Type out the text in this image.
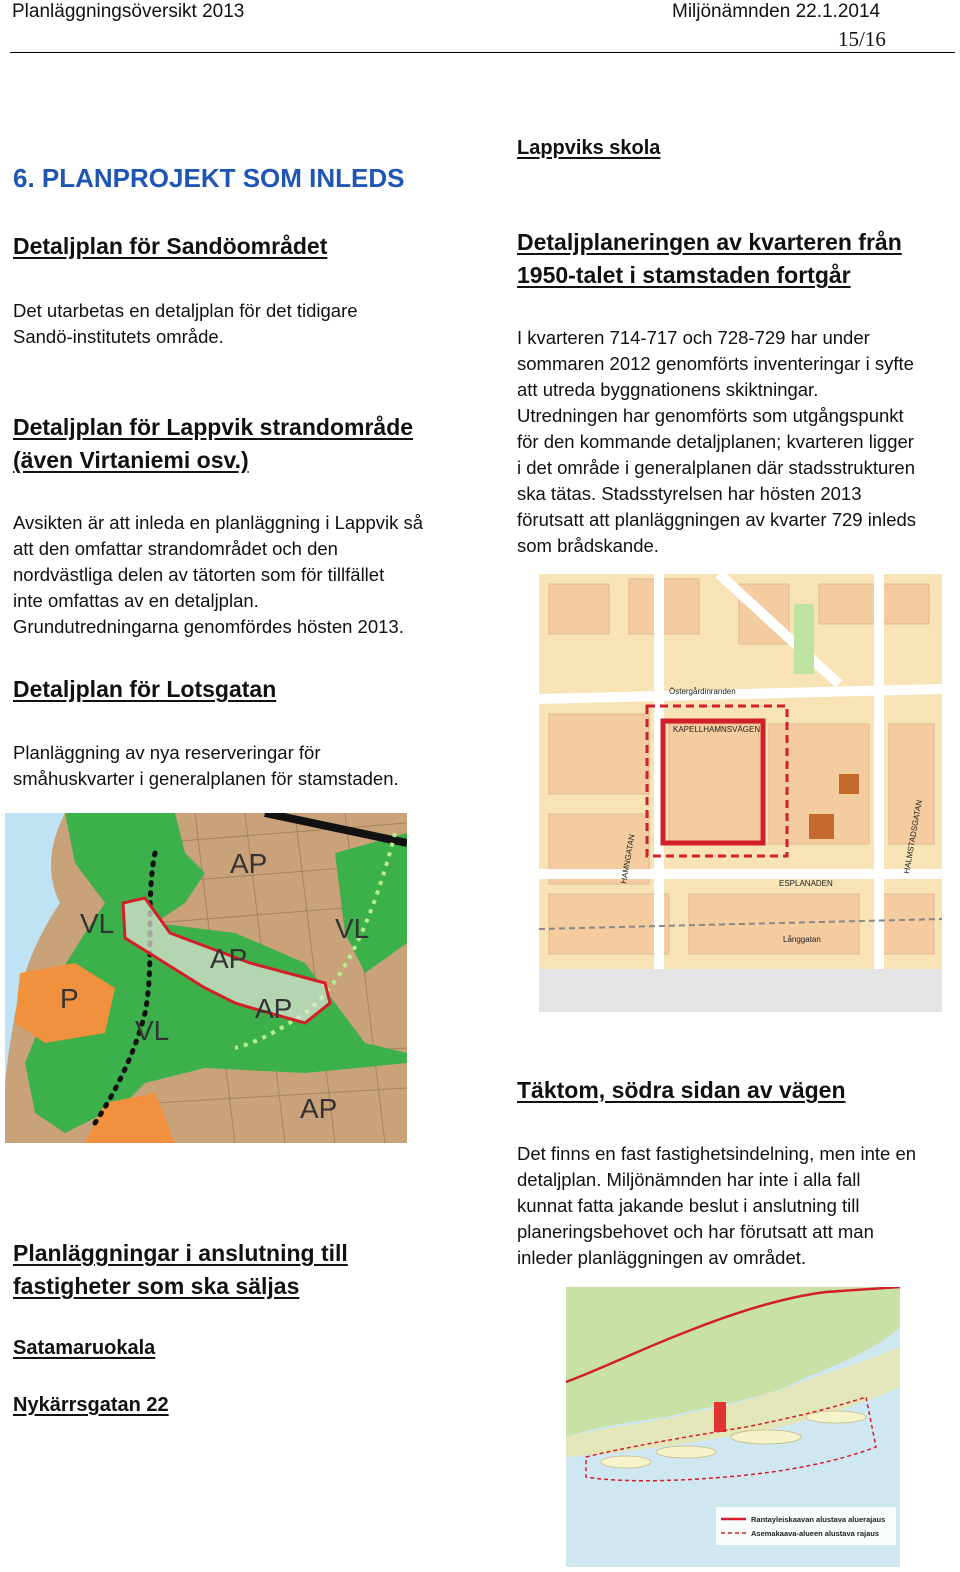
Planläggningsöversikt 2013	Miljönämnden 22.1.2014
15/16
6. PLANPROJEKT SOM INLEDS
Detaljplan för Sandöområdet
Det utarbetas en detaljplan för det tidigare
Sandö-institutets område.
Detaljplan för Lappvik strandområde
(även Virtaniemi osv.)
Avsikten är att inleda en planläggning i Lappvik så
att den omfattar strandområdet och den
nordvästliga delen av tätorten som för tillfället
inte omfattas av en detaljplan.
Grundutredningarna genomfördes hösten 2013.
Detaljplan för Lotsgatan
Planläggning av nya reserveringar för
småhuskvarter i generalplanen för stamstaden.
AP
VL	VL
AP
AP
P
VL
AP
Planläggningar i anslutning till
fastigheter som ska säljas
Satamaruokala
Nykärrsgatan 22
Lappviks skola
Detaljplaneringen av kvarteren från
1950-talet i stamstaden fortgår
I kvarteren 714-717 och 728-729 har under
sommaren 2012 genomförts inventeringar i syfte
att utreda byggnationens skiktningar.
Utredningen har genomförts som utgångspunkt
för den kommande detaljplanen; kvarteren ligger
i det område i generalplanen där stadsstrukturen
ska tätas. Stadsstyrelsen har hösten 2013
förutsatt att planläggningen av kvarter 729 inleds
som brådskande.
KAPELLHAMNSVÄGEN
ESPLANADEN
Östergårdinranden
Långgatan
HAMNGATAN	HALMSTADSGATAN
Täktom, södra sidan av vägen
Det finns en fast fastighetsindelning, men inte en
detaljplan. Miljönämnden har inte i alla fall
kunnat fatta jakande beslut i anslutning till
planeringsbehovet och har förutsatt att man
inleder planläggningen av området.
Rantayleiskaavan alustava aluerajaus
Asemakaava-alueen alustava rajaus
